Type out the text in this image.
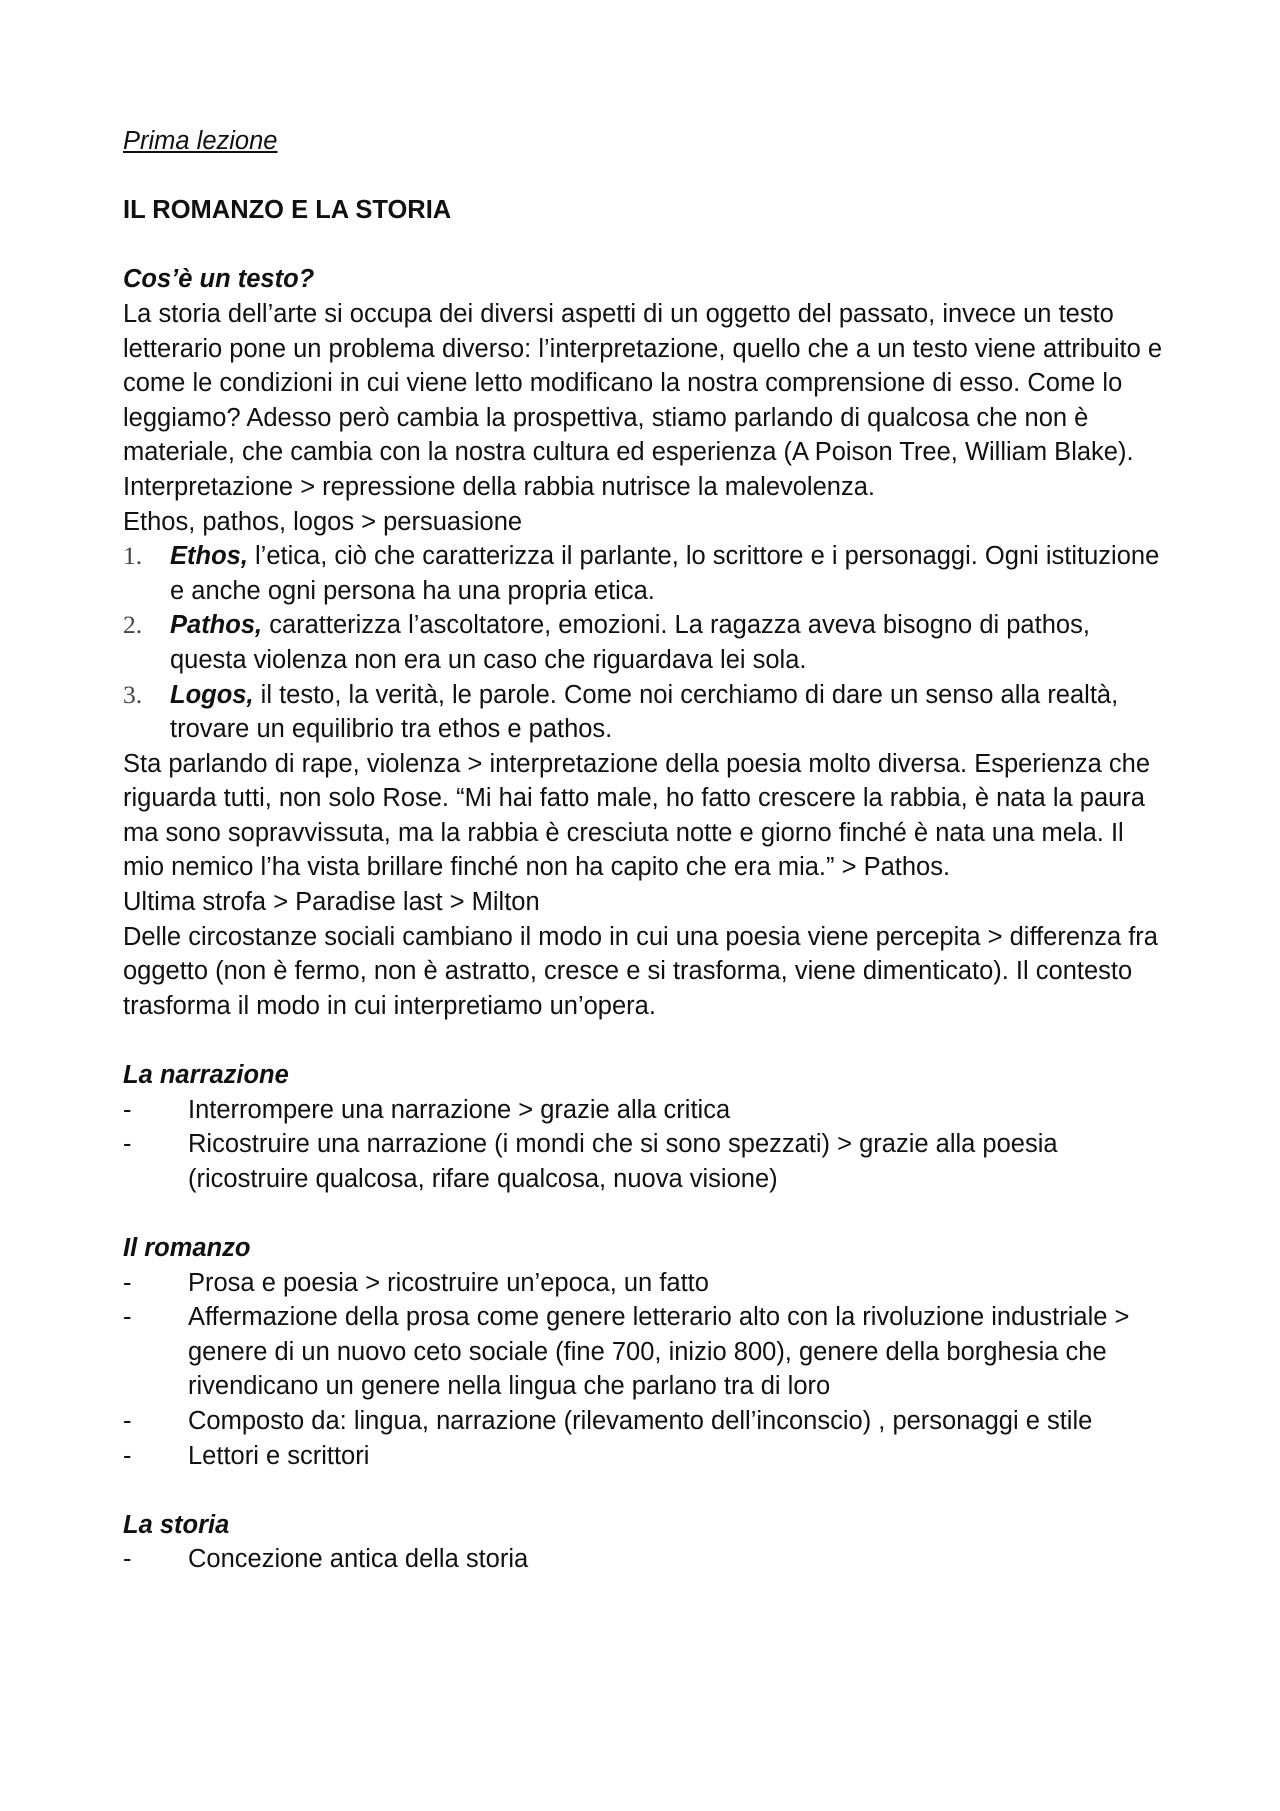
Prima lezione

IL ROMANZO E LA STORIA

Cos’è un testo?

La storia dell’arte si occupa dei diversi aspetti di un oggetto del passato, invece un testo letterario pone un problema diverso: l’interpretazione, quello che a un testo viene attribuito e come le condizioni in cui viene letto modificano la nostra comprensione di esso. Come lo leggiamo? Adesso però cambia la prospettiva, stiamo parlando di qualcosa che non è materiale, che cambia con la nostra cultura ed esperienza (A Poison Tree, William Blake). Interpretazione > repressione della rabbia nutrisce la malevolenza.

Ethos, pathos, logos > persuasione

1. Ethos, l’etica, ciò che caratterizza il parlante, lo scrittore e i personaggi. Ogni istituzione e anche ogni persona ha una propria etica.
2. Pathos, caratterizza l’ascoltatore, emozioni. La ragazza aveva bisogno di pathos, questa violenza non era un caso che riguardava lei sola.
3. Logos, il testo, la verità, le parole. Come noi cerchiamo di dare un senso alla realtà, trovare un equilibrio tra ethos e pathos.

Sta parlando di rape, violenza > interpretazione della poesia molto diversa. Esperienza che riguarda tutti, non solo Rose. “Mi hai fatto male, ho fatto crescere la rabbia, è nata la paura ma sono sopravvissuta, ma la rabbia è cresciuta notte e giorno finché è nata una mela. Il mio nemico l’ha vista brillare finché non ha capito che era mia.” > Pathos.

Ultima strofa > Paradise last > Milton

Delle circostanze sociali cambiano il modo in cui una poesia viene percepita > differenza fra oggetto (non è fermo, non è astratto, cresce e si trasforma, viene dimenticato). Il contesto trasforma il modo in cui interpretiamo un’opera.

La narrazione

- Interrompere una narrazione > grazie alla critica
- Ricostruire una narrazione (i mondi che si sono spezzati) > grazie alla poesia (ricostruire qualcosa, rifare qualcosa, nuova visione)

Il romanzo

- Prosa e poesia > ricostruire un’epoca, un fatto
- Affermazione della prosa come genere letterario alto con la rivoluzione industriale > genere di un nuovo ceto sociale (fine 700, inizio 800), genere della borghesia che rivendicano un genere nella lingua che parlano tra di loro
- Composto da: lingua, narrazione (rilevamento dell’inconscio) , personaggi e stile
- Lettori e scrittori

La storia

- Concezione antica della storia
